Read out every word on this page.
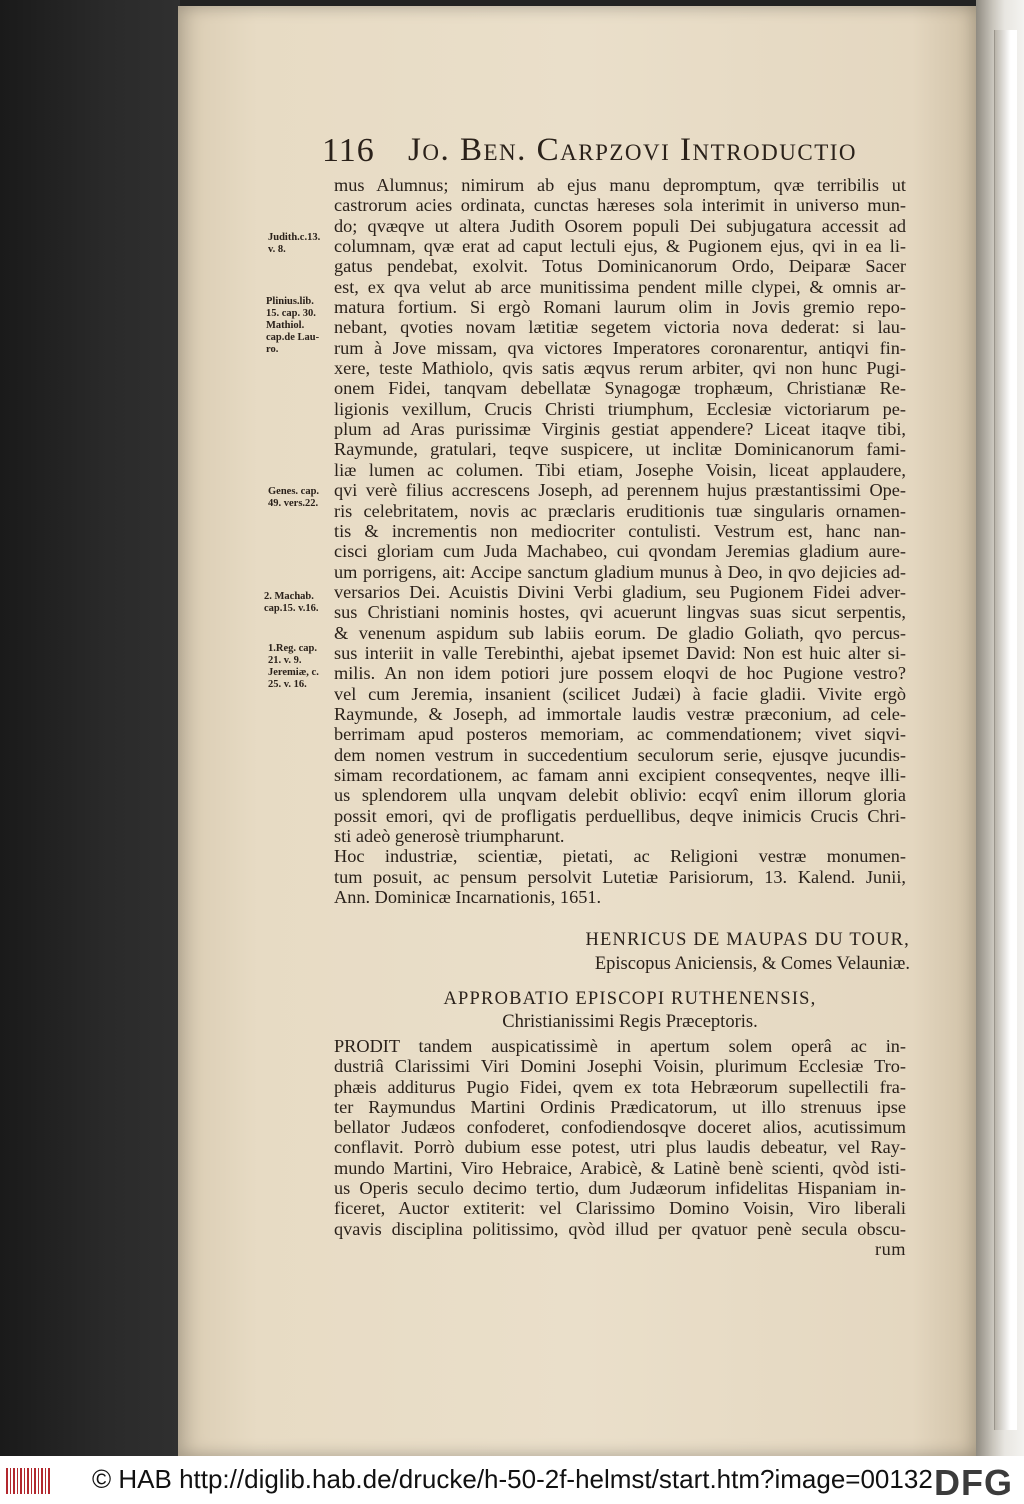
116 Jo. Ben. Carpzovi Introductio
Judith.c.13.
v. 8.
Plinius.lib.
15. cap. 30.
Mathiol.
cap.de Lau-
ro.
Genes. cap.
49. vers.22.
2. Machab.
cap.15. v.16.
1.Reg. cap.
21. v. 9.
Jeremiæ, c.
25. v. 16.
mus Alumnus; nimirum ab ejus manu depromptum, qvæ terribilis ut
castrorum acies ordinata, cunctas hæreses sola interimit in universo mun-
do; qvæqve ut altera Judith Osorem populi Dei subjugatura accessit ad
columnam, qvæ erat ad caput lectuli ejus, & Pugionem ejus, qvi in ea li-
gatus pendebat, exolvit. Totus Dominicanorum Ordo, Deiparæ Sacer
est, ex qva velut ab arce munitissima pendent mille clypei, & omnis ar-
matura fortium. Si ergò Romani laurum olim in Jovis gremio repo-
nebant, qvoties novam lætitiæ segetem victoria nova dederat: si lau-
rum à Jove missam, qva victores Imperatores coronarentur, antiqvi fin-
xere, teste Mathiolo, qvis satis æqvus rerum arbiter, qvi non hunc Pugi-
onem Fidei, tanqvam debellatæ Synagogæ trophæum, Christianæ Re-
ligionis vexillum, Crucis Christi triumphum, Ecclesiæ victoriarum pe-
plum ad Aras purissimæ Virginis gestiat appendere? Liceat itaqve tibi,
Raymunde, gratulari, teqve suspicere, ut inclitæ Dominicanorum fami-
liæ lumen ac columen. Tibi etiam, Josephe Voisin, liceat applaudere,
qvi verè filius accrescens Joseph, ad perennem hujus præstantissimi Ope-
ris celebritatem, novis ac præclaris eruditionis tuæ singularis ornamen-
tis & incrementis non mediocriter contulisti. Vestrum est, hanc nan-
cisci gloriam cum Juda Machabeo, cui qvondam Jeremias gladium aure-
um porrigens, ait: Accipe sanctum gladium munus à Deo, in qvo dejicies ad-
versarios Dei. Acuistis Divini Verbi gladium, seu Pugionem Fidei adver-
sus Christiani nominis hostes, qvi acuerunt lingvas suas sicut serpentis,
& venenum aspidum sub labiis eorum. De gladio Goliath, qvo percus-
sus interiit in valle Terebinthi, ajebat ipsemet David: Non est huic alter si-
milis. An non idem potiori jure possem eloqvi de hoc Pugione vestro?
vel cum Jeremia, insanient (scilicet Judæi) à facie gladii. Vivite ergò
Raymunde, & Joseph, ad immortale laudis vestræ præconium, ad cele-
berrimam apud posteros memoriam, ac commendationem; vivet siqvi-
dem nomen vestrum in succedentium seculorum serie, ejusqve jucundis-
simam recordationem, ac famam anni excipient conseqventes, neqve illi-
us splendorem ulla unqvam delebit oblivio: ecqvî enim illorum gloria
possit emori, qvi de profligatis perduellibus, deqve inimicis Crucis Chri-
sti adeò generosè triumpharunt.
Hoc industriæ, scientiæ, pietati, ac Religioni vestræ monumen-
tum posuit, ac pensum persolvit Lutetiæ Parisiorum, 13. Kalend. Junii,
Ann. Dominicæ Incarnationis, 1651.
HENRICUS DE MAUPAS DU TOUR,
Episcopus Aniciensis, & Comes Velauniæ.
APPROBATIO EPISCOPI RUTHENENSIS,
Christianissimi Regis Præceptoris.
PRODIT tandem auspicatissimè in apertum solem operâ ac in-
dustriâ Clarissimi Viri Domini Josephi Voisin, plurimum Ecclesiæ Tro-
phæis additurus Pugio Fidei, qvem ex tota Hebræorum supellectili fra-
ter Raymundus Martini Ordinis Prædicatorum, ut illo strenuus ipse
bellator Judæos confoderet, confodiendosqve doceret alios, acutissimum
conflavit. Porrò dubium esse potest, utri plus laudis debeatur, vel Ray-
mundo Martini, Viro Hebraice, Arabicè, & Latinè benè scienti, qvòd isti-
us Operis seculo decimo tertio, dum Judæorum infidelitas Hispaniam in-
ficeret, Auctor extiterit: vel Clarissimo Domino Voisin, Viro liberali
qvavis disciplina politissimo, qvòd illud per qvatuor penè secula obscu-
rum
© HAB http://diglib.hab.de/drucke/h-50-2f-helmst/start.htm?image=00132 DFG
